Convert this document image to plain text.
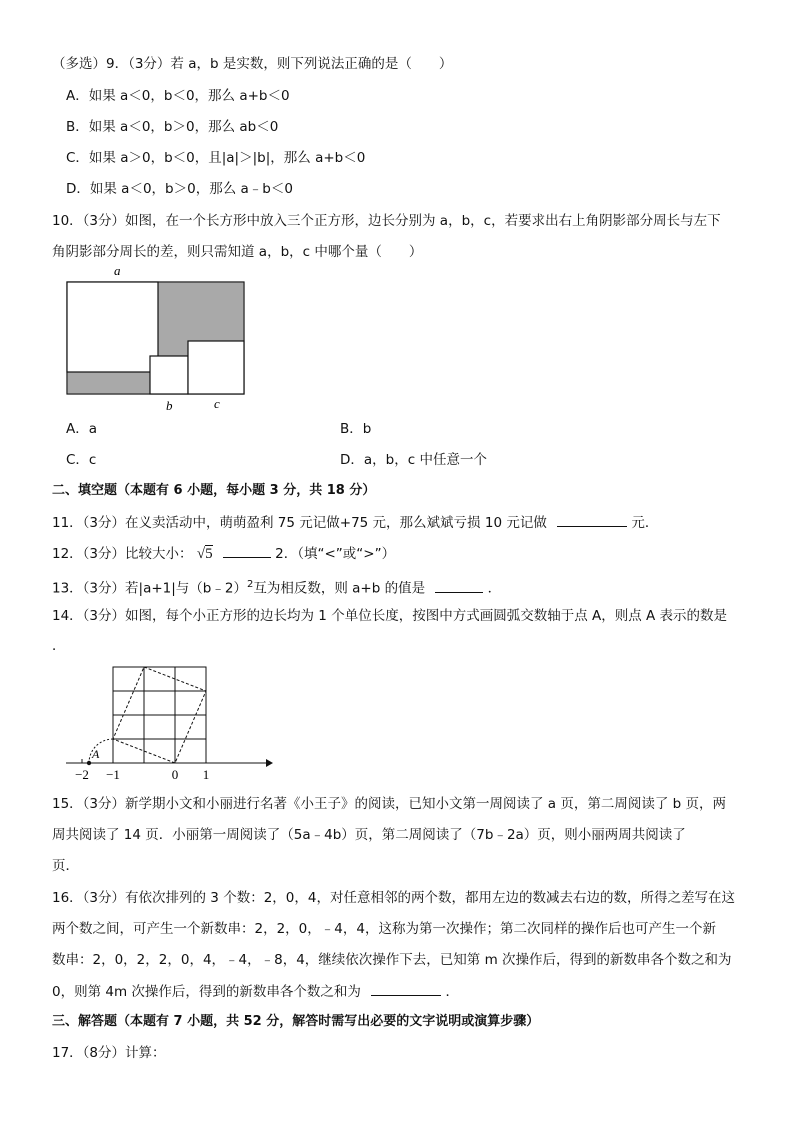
（多选）9．（3分）若 a，b 是实数，则下列说法正确的是（　　）
A．如果 a＜0，b＜0，那么 a+b＜0
B．如果 a＜0，b＞0，那么 ab＜0
C．如果 a＞0，b＜0，且|a|＞|b|，那么 a+b＜0
D．如果 a＜0，b＞0，那么 a﹣b＜0
10．（3分）如图，在一个长方形中放入三个正方形，边长分别为 a，b，c，若要求出右上角阴影部分周长与左下
角阴影部分周长的差，则只需知道 a，b，c 中哪个量（　　）
a
b	c
A．a	B．b
C．c	D．a，b，c 中任意一个
二、填空题（本题有 6 小题，每小题 3 分，共 18 分）
11．（3分）在义卖活动中，萌萌盈利 75 元记做+75 元，那么斌斌亏损 10 元记做	元．
12．（3分）比较大小： √5	2．（填“<”或“>”）
13．（3分）若|a+1|与（b﹣2）$^2$互为相反数，则 a+b 的值是	．
14．（3分）如图，每个小正方形的边长均为 1 个单位长度，按图中方式画圆弧交数轴于点 A，则点 A 表示的数是
．
A
−2 −1	0 1
15．（3分）新学期小文和小丽进行名著《小王子》的阅读，已知小文第一周阅读了 a 页，第二周阅读了 b 页，两
周共阅读了 14 页．小丽第一周阅读了（5a﹣4b）页，第二周阅读了（7b﹣2a）页，则小丽两周共阅读了
页．
16．（3分）有依次排列的 3 个数：2，0，4，对任意相邻的两个数，都用左边的数减去右边的数，所得之差写在这
两个数之间，可产生一个新数串：2，2，0，﹣4，4，这称为第一次操作；第二次同样的操作后也可产生一个新
数串：2，0，2，2，0，4，﹣4，﹣8，4，继续依次操作下去，已知第 m 次操作后，得到的新数串各个数之和为
0，则第 4m 次操作后，得到的新数串各个数之和为	．
三、解答题（本题有 7 小题，共 52 分，解答时需写出必要的文字说明或演算步骤）
17．（8分）计算：
